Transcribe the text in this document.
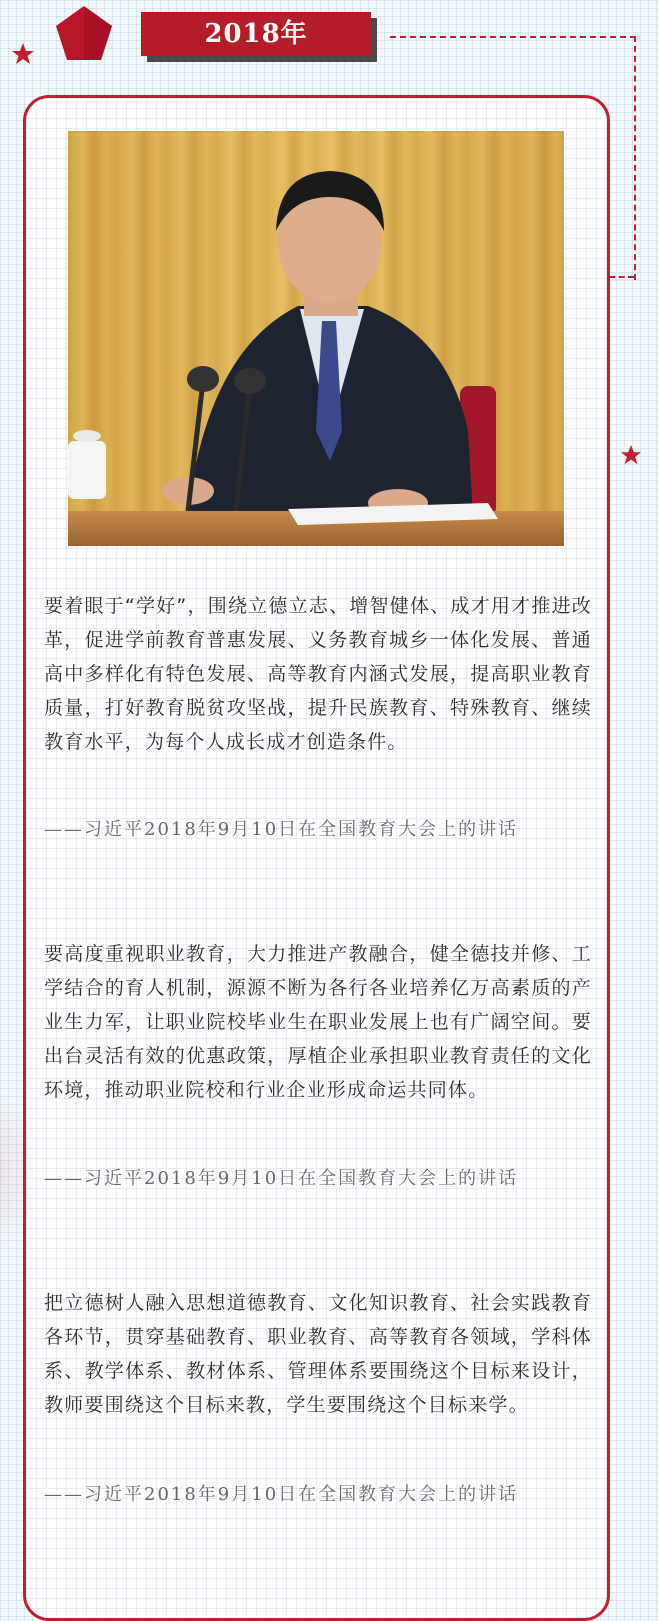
2018年

要着眼于“学好”，围绕立德立志、增智健体、成才用才推进改革，促进学前教育普惠发展、义务教育城乡一体化发展、普通高中多样化有特色发展、高等教育内涵式发展，提高职业教育质量，打好教育脱贫攻坚战，提升民族教育、特殊教育、继续教育水平，为每个人成长成才创造条件。

——习近平2018年9月10日在全国教育大会上的讲话

要高度重视职业教育，大力推进产教融合，健全德技并修、工学结合的育人机制，源源不断为各行各业培养亿万高素质的产业生力军，让职业院校毕业生在职业发展上也有广阔空间。要出台灵活有效的优惠政策，厚植企业承担职业教育责任的文化环境，推动职业院校和行业企业形成命运共同体。

——习近平2018年9月10日在全国教育大会上的讲话

把立德树人融入思想道德教育、文化知识教育、社会实践教育各环节，贯穿基础教育、职业教育、高等教育各领域，学科体系、教学体系、教材体系、管理体系要围绕这个目标来设计，教师要围绕这个目标来教，学生要围绕这个目标来学。

——习近平2018年9月10日在全国教育大会上的讲话
